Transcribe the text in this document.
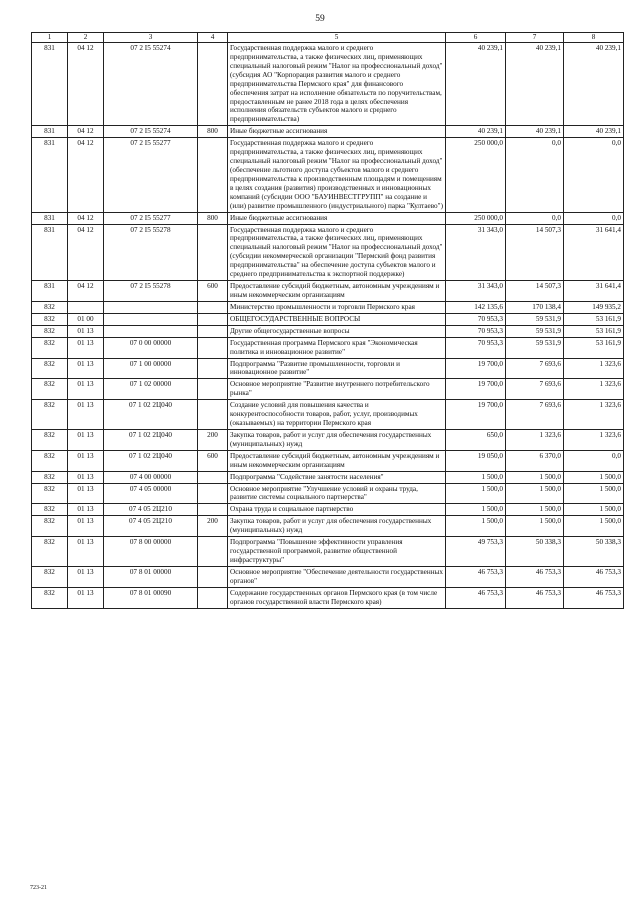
59
1	2	3	4	5	6	7	8
831	04 12	07 2 I5 55274		Государственная поддержка малого и среднего предпринимательства, а также физических лиц, применяющих специальный налоговый режим "Налог на профессиональный доход" (субсидия АО "Корпорация развития малого и среднего предпринимательства Пермского края" для финансового обеспечения затрат на исполнение обязательств по поручительствам, предоставленным не ранее 2018 года в целях обеспечения исполнения обязательств субъектов малого и среднего предпринимательства)	40 239,1	40 239,1	40 239,1
831	04 12	07 2 I5 55274	800	Иные бюджетные ассигнования	40 239,1	40 239,1	40 239,1
831	04 12	07 2 I5 55277		Государственная поддержка малого и среднего предпринимательства, а также физических лиц, применяющих специальный налоговый режим "Налог на профессиональный доход" (обеспечение льготного доступа субъектов малого и среднего предпринимательства к производственным площадям и помещениям в целях создания (развития) производственных и инновационных компаний (субсидии ООО "БАУИНВЕСТГРУПП" на создание и (или) развитие промышленного (индустриального) парка "Култаево")	250 000,0	0,0	0,0
831	04 12	07 2 I5 55277	800	Иные бюджетные ассигнования	250 000,0	0,0	0,0
831	04 12	07 2 I5 55278		Государственная поддержка малого и среднего предпринимательства, а также физических лиц, применяющих специальный налоговый режим "Налог на профессиональный доход" (субсидии некоммерческой организации "Пермский фонд развития предпринимательства" на обеспечение доступа субъектов малого и среднего предпринимательства к экспортной поддержке)	31 343,0	14 507,3	31 641,4
831	04 12	07 2 I5 55278	600	Предоставление субсидий бюджетным, автономным учреждениям и иным некоммерческим организациям	31 343,0	14 507,3	31 641,4
832				Министерство промышленности и торговли Пермского края	142 135,6	170 138,4	149 935,2
832	01 00			ОБЩЕГОСУДАРСТВЕННЫЕ ВОПРОСЫ	70 953,3	59 531,9	53 161,9
832	01 13			Другие общегосударственные вопросы	70 953,3	59 531,9	53 161,9
832	01 13	07 0 00 00000		Государственная программа Пермского края "Экономическая политика и инновационное развитие"	70 953,3	59 531,9	53 161,9
832	01 13	07 1 00 00000		Подпрограмма "Развитие промышленности, торговли и инновационное развитие"	19 700,0	7 693,6	1 323,6
832	01 13	07 1 02 00000		Основное мероприятие "Развитие внутреннего потребительского рынка"	19 700,0	7 693,6	1 323,6
832	01 13	07 1 02 2Ц040		Создание условий для повышения качества и конкурентоспособности товаров, работ, услуг, производимых (оказываемых) на территории Пермского края	19 700,0	7 693,6	1 323,6
832	01 13	07 1 02 2Ц040	200	Закупка товаров, работ и услуг для обеспечения государственных (муниципальных) нужд	650,0	1 323,6	1 323,6
832	01 13	07 1 02 2Ц040	600	Предоставление субсидий бюджетным, автономным учреждениям и иным некоммерческим организациям	19 050,0	6 370,0	0,0
832	01 13	07 4 00 00000		Подпрограмма "Содействие занятости населения"	1 500,0	1 500,0	1 500,0
832	01 13	07 4 05 00000		Основное мероприятие "Улучшение условий и охраны труда, развитие системы социального партнерства"	1 500,0	1 500,0	1 500,0
832	01 13	07 4 05 2Ц210		Охрана труда и социальное партнерство	1 500,0	1 500,0	1 500,0
832	01 13	07 4 05 2Ц210	200	Закупка товаров, работ и услуг для обеспечения государственных (муниципальных) нужд	1 500,0	1 500,0	1 500,0
832	01 13	07 8 00 00000		Подпрограмма "Повышение эффективности управления государственной программой, развитие общественной инфраструктуры"	49 753,3	50 338,3	50 338,3
832	01 13	07 8 01 00000		Основное мероприятие "Обеспечение деятельности государственных органов"	46 753,3	46 753,3	46 753,3
832	01 13	07 8 01 00090		Содержание государственных органов Пермского края (в том числе органов государственной власти Пермского края)	46 753,3	46 753,3	46 753,3
723-21
